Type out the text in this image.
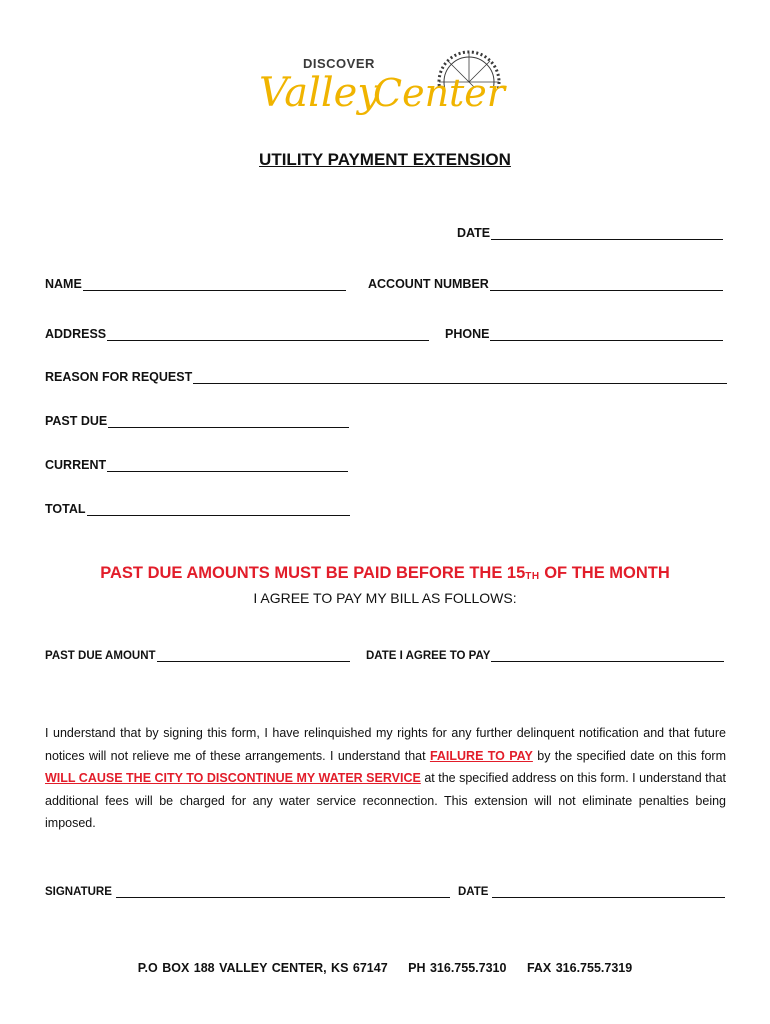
DISCOVER
Valley
Center
UTILITY PAYMENT EXTENSION
DATE
NAME	ACCOUNT NUMBER
ADDRESS	PHONE
REASON FOR REQUEST
PAST DUE
CURRENT
TOTAL
PAST DUE AMOUNTS MUST BE PAID BEFORE THE $15_{TH}$ OF THE MONTH
I AGREE TO PAY MY BILL AS FOLLOWS:
PAST DUE AMOUNT	DATE I AGREE TO PAY
I understand that by signing this form, I have relinquished my rights for any further delinquent notification and that future notices will not relieve me of these arrangements. I understand that FAILURE TO PAY by the specified date on this form WILL CAUSE THE CITY TO DISCONTINUE MY WATER SERVICE at the specified address on this form. I understand that additional fees will be charged for any water service reconnection. This extension will not eliminate penalties being imposed.
SIGNATURE	DATE
P.O BOX 188 VALLEY CENTER, KS 67147 PH 316.755.7310 FAX 316.755.7319
